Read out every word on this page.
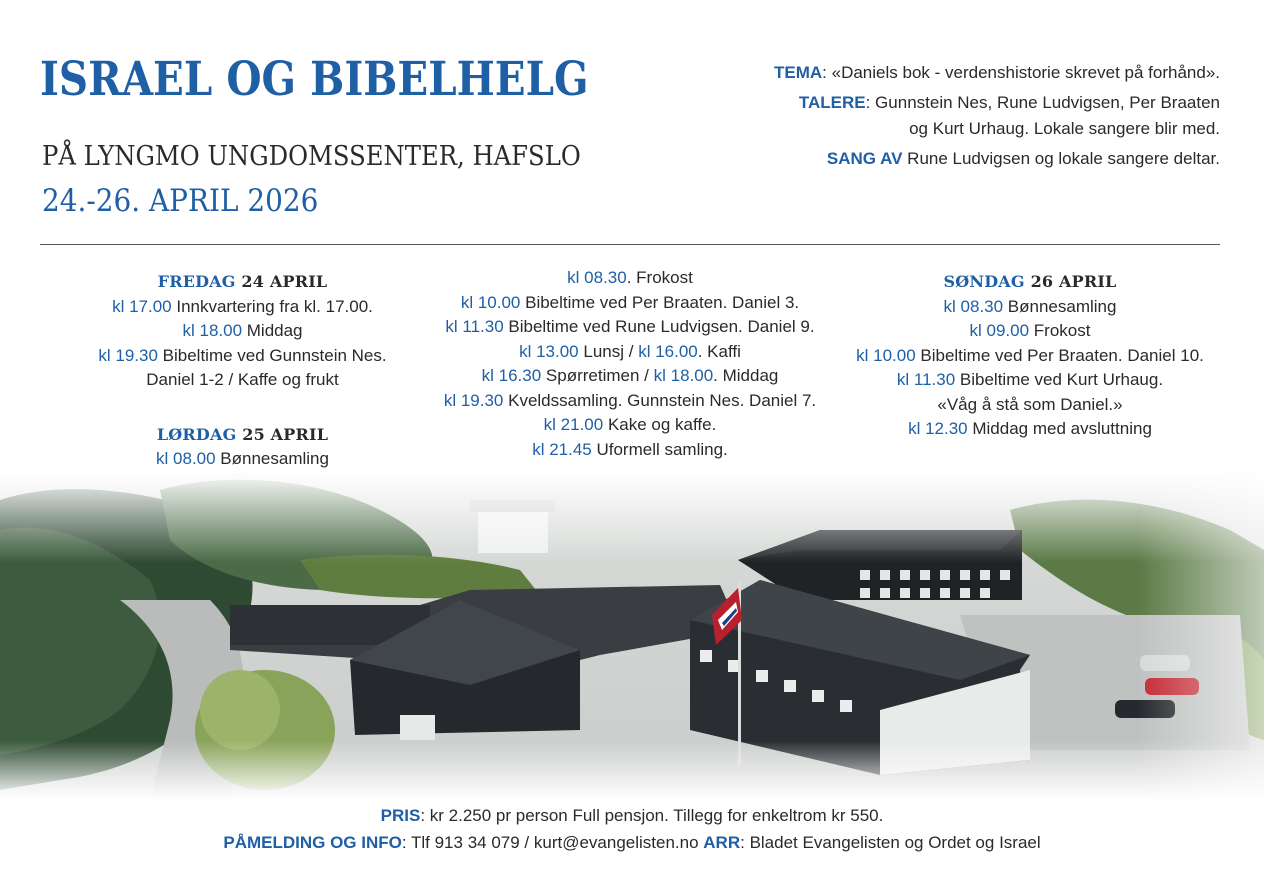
ISRAEL OG BIBELHELG
PÅ LYNGMO UNGDOMSSENTER, HAFSLO
24.-26. APRIL 2026
TEMA: «Daniels bok - verdenshistorie skrevet på forhånd».
TALERE: Gunnstein Nes, Rune Ludvigsen, Per Braaten
og Kurt Urhaug. Lokale sangere blir med.
SANG AV Rune Ludvigsen og lokale sangere deltar.
FREDAG 24 APRIL
kl 17.00 Innkvartering fra kl. 17.00.
kl 18.00 Middag
kl 19.30 Bibeltime ved Gunnstein Nes.
Daniel 1-2 / Kaffe og frukt
LØRDAG 25 APRIL
kl 08.00 Bønnesamling
kl 08.30. Frokost
kl 10.00 Bibeltime ved Per Braaten. Daniel 3.
kl 11.30 Bibeltime ved Rune Ludvigsen. Daniel 9.
kl 13.00 Lunsj / kl 16.00. Kaffi
kl 16.30 Spørretimen / kl 18.00. Middag
kl 19.30 Kveldssamling. Gunnstein Nes. Daniel 7.
kl 21.00 Kake og kaffe.
kl 21.45 Uformell samling.
SØNDAG 26 APRIL
kl 08.30 Bønnesamling
kl 09.00 Frokost
kl 10.00 Bibeltime ved Per Braaten. Daniel 10.
kl 11.30 Bibeltime ved Kurt Urhaug.
«Våg å stå som Daniel.»
kl 12.30 Middag med avsluttning
PRIS: kr 2.250 pr person Full pensjon. Tillegg for enkeltrom kr 550.
PÅMELDING OG INFO: Tlf 913 34 079 / kurt@evangelisten.no ARR: Bladet Evangelisten og Ordet og Israel
